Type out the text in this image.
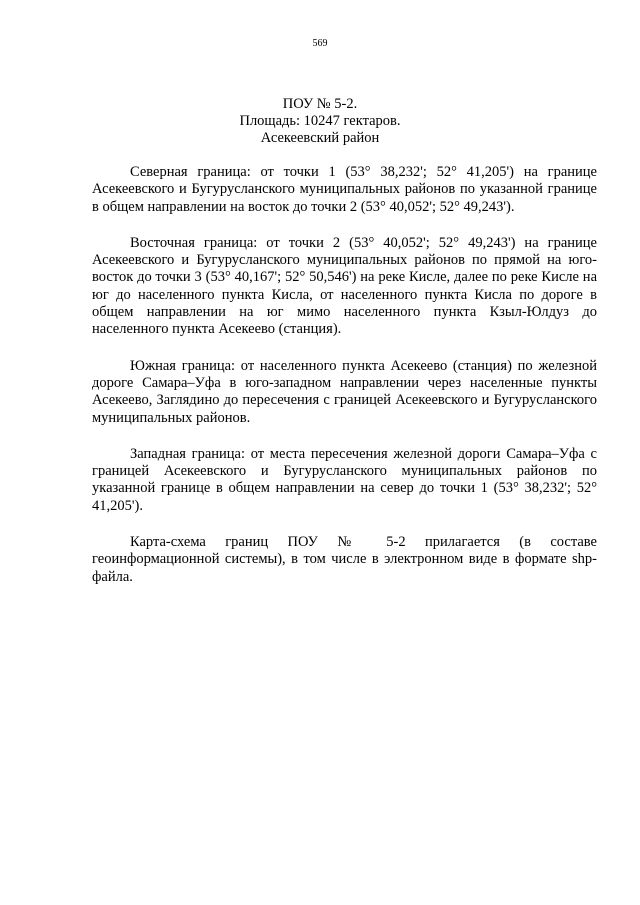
569
ПОУ № 5-2.
Площадь: 10247 гектаров.
Асекеевский район

Северная граница: от точки 1 (53° 38,232'; 52° 41,205') на границе Асекеевского и Бугурусланского муниципальных районов по указанной границе в общем направлении на восток до точки 2 (53° 40,052'; 52° 49,243').

Восточная граница: от точки 2 (53° 40,052'; 52° 49,243') на границе Асекеевского и Бугурусланского муниципальных районов по прямой на юго-восток до точки 3 (53° 40,167'; 52° 50,546') на реке Кисле, далее по реке Кисле на юг до населенного пункта Кисла, от населенного пункта Кисла по дороге в общем направлении на юг мимо населенного пункта Кзыл-Юлдуз до населенного пункта Асекеево (станция).

Южная граница: от населенного пункта Асекеево (станция) по железной дороге Самара–Уфа в юго-западном направлении через населенные пункты Асекеево, Заглядино до пересечения с границей Асекеевского и Бугурусланского муниципальных районов.

Западная граница: от места пересечения железной дороги Самара–Уфа с границей Асекеевского и Бугурусланского муниципальных районов по указанной границе в общем направлении на север до точки 1 (53° 38,232'; 52° 41,205').

Карта-схема границ ПОУ № 5-2 прилагается (в составе геоинформационной системы), в том числе в электронном виде в формате shp-файла.
